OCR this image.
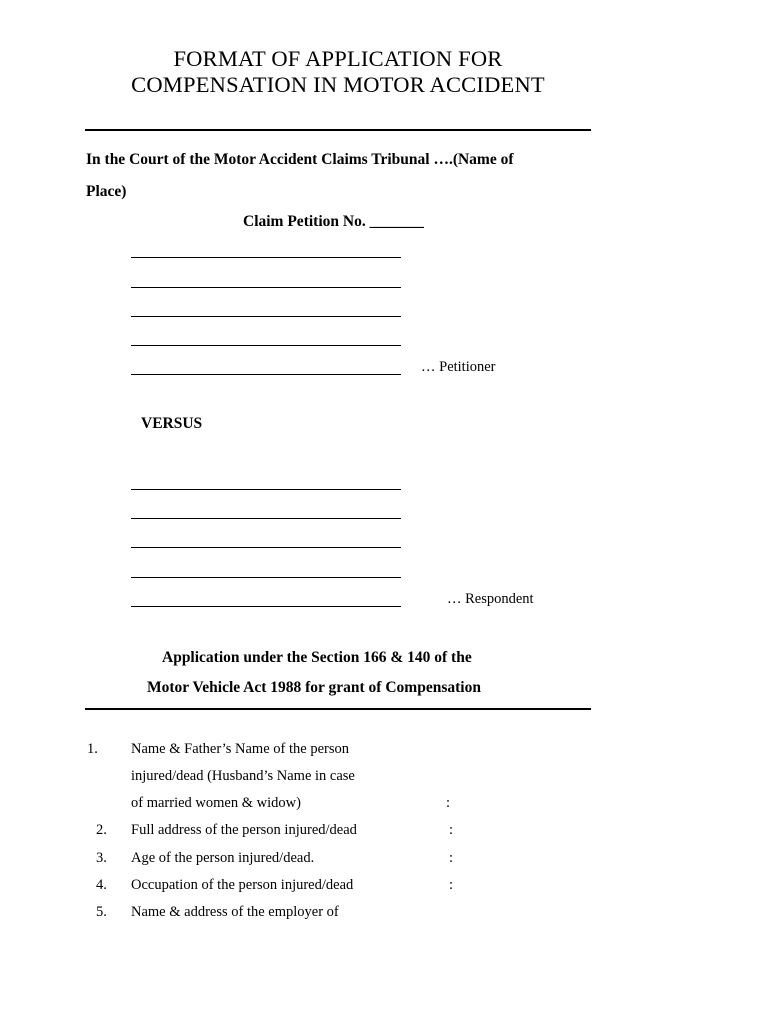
FORMAT OF APPLICATION FOR
COMPENSATION IN MOTOR ACCIDENT
In the Court of the Motor Accident Claims Tribunal ….(Name of
Place)
Claim Petition No. _______
… Petitioner
VERSUS
… Respondent
Application under the Section 166 & 140 of the
Motor Vehicle Act 1988 for grant of Compensation
1. Name & Father’s Name of the person
injured/dead (Husband’s Name in case
of married women & widow)	:
2. Full address of the person injured/dead	:
3. Age of the person injured/dead.	:
4. Occupation of the person injured/dead	:
5. Name & address of the employer of
